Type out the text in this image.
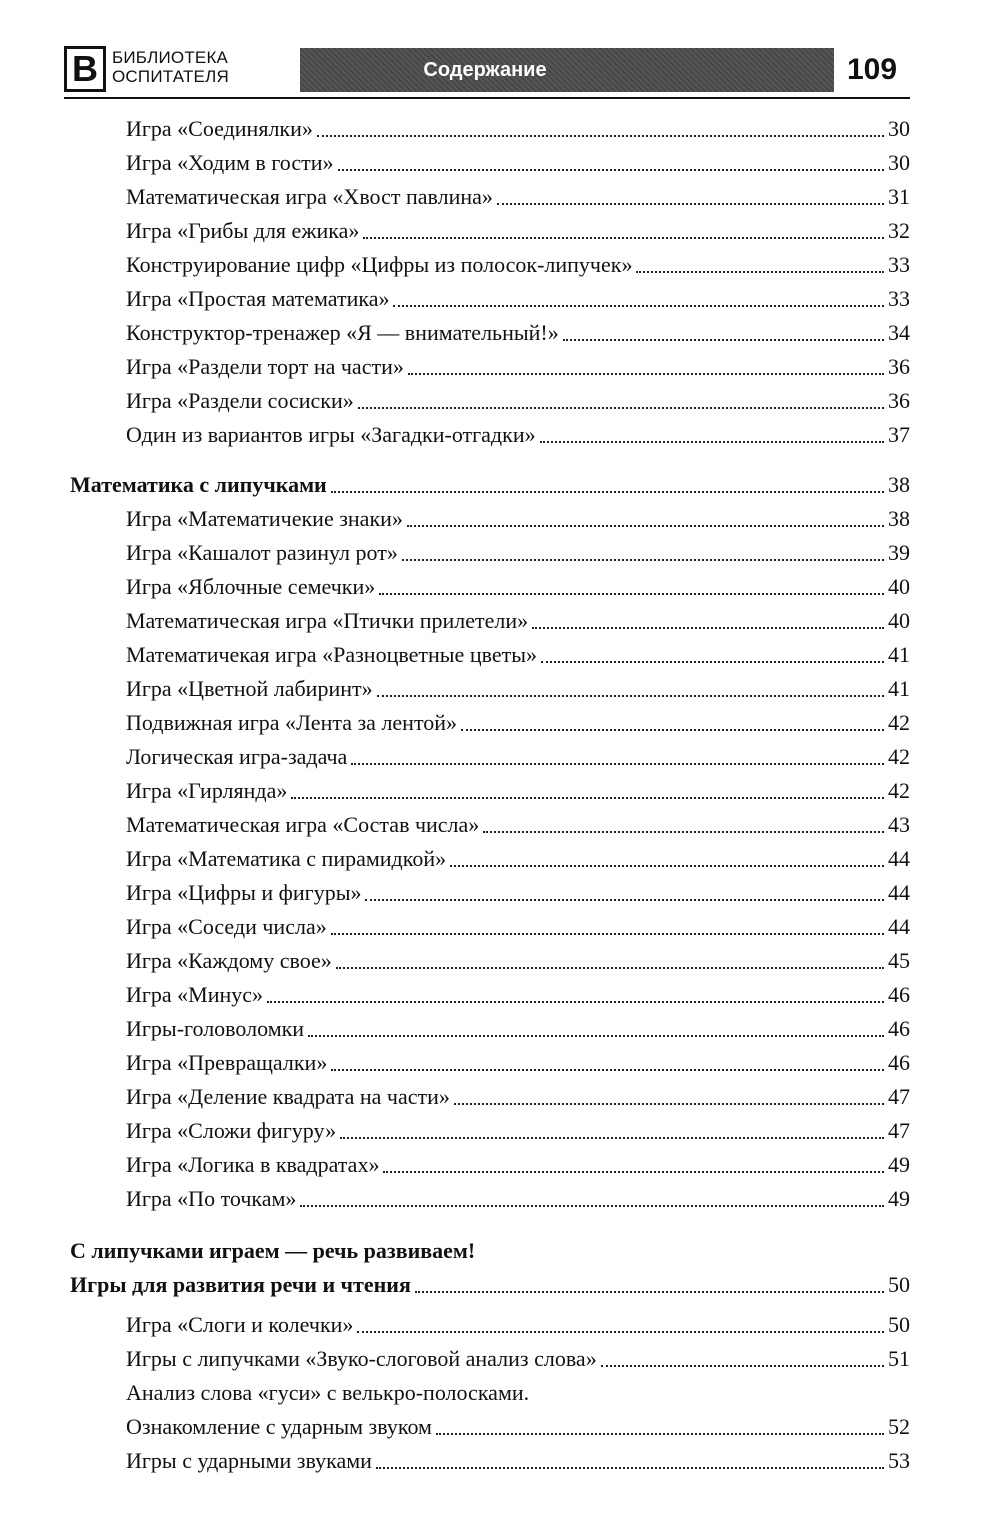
B БИБЛИОТЕКА
ОСПИТАТЕЛЯ	Содержание	109
Игра «Соединялки»	30
Игра «Ходим в гости»	30
Математическая игра «Хвост павлина»	31
Игра «Грибы для ежика»	32
Конструирование цифр «Цифры из полосок-липучек»	33
Игра «Простая математика»	33
Конструктор-тренажер «Я — внимательный!»	34
Игра «Раздели торт на части»	36
Игра «Раздели сосиски»	36
Один из вариантов игры «Загадки-отгадки»	37
Математика с липучками	38
Игра «Математичекие знаки»	38
Игра «Кашалот разинул рот»	39
Игра «Яблочные семечки»	40
Математическая игра «Птички прилетели»	40
Математичекая игра «Разноцветные цветы»	41
Игра «Цветной лабиринт»	41
Подвижная игра «Лента за лентой»	42
Логическая игра-задача	42
Игра «Гирлянда»	42
Математическая игра «Состав числа»	43
Игра «Математика с пирамидкой»	44
Игра «Цифры и фигуры»	44
Игра «Соседи числа»	44
Игра «Каждому свое»	45
Игра «Минус»	46
Игры-головоломки	46
Игра «Превращалки»	46
Игра «Деление квадрата на части»	47
Игра «Сложи фигуру»	47
Игра «Логика в квадратах»	49
Игра «По точкам»	49
С липучками играем — речь развиваем!
Игры для развития речи и чтения	50
Игра «Слоги и колечки»	50
Игры с липучками «Звуко-слоговой анализ слова»	51
Анализ слова «гуси» с велькро-полосками.
Ознакомление с ударным звуком	52
Игры с ударными звуками	53
